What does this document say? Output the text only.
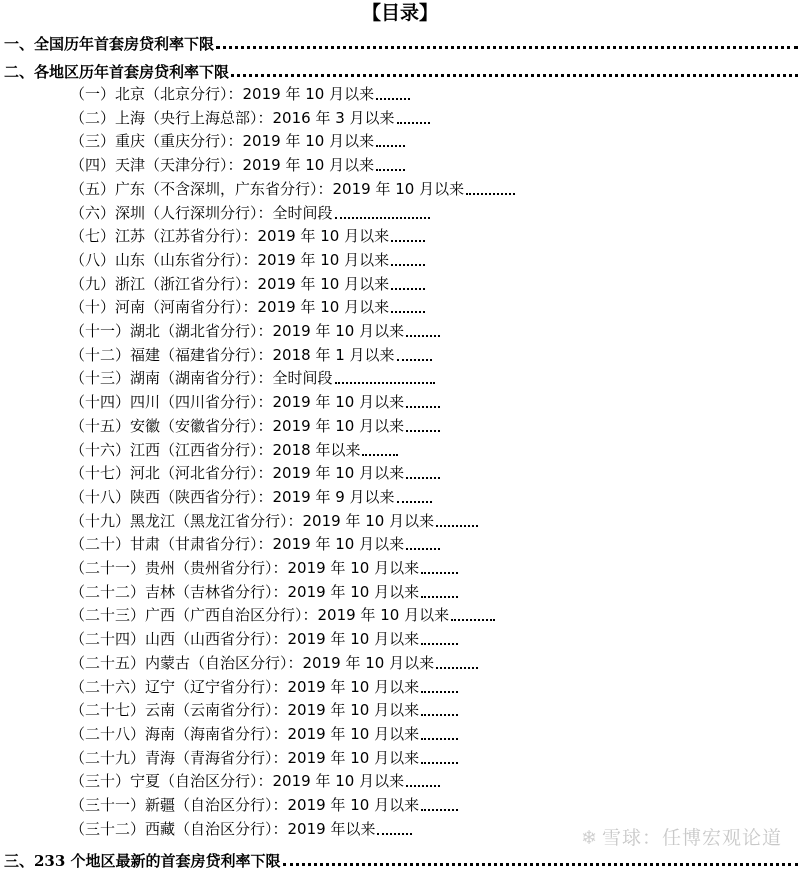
【目录】
一、全国历年首套房贷利率下限
二、各地区历年首套房贷利率下限
（一）北京（北京分行）：2019 年 10 月以来
（二）上海（央行上海总部）：2016 年 3 月以来
（三）重庆（重庆分行）：2019 年 10 月以来
（四）天津（天津分行）：2019 年 10 月以来
（五）广东（不含深圳，广东省分行）：2019 年 10 月以来
（六）深圳（人行深圳分行）：全时间段
（七）江苏（江苏省分行）：2019 年 10 月以来
（八）山东（山东省分行）：2019 年 10 月以来
（九）浙江（浙江省分行）：2019 年 10 月以来
（十）河南（河南省分行）：2019 年 10 月以来
（十一）湖北（湖北省分行）：2019 年 10 月以来
（十二）福建（福建省分行）：2018 年 1 月以来
（十三）湖南（湖南省分行）：全时间段
（十四）四川（四川省分行）：2019 年 10 月以来
（十五）安徽（安徽省分行）：2019 年 10 月以来
（十六）江西（江西省分行）：2018 年以来
（十七）河北（河北省分行）：2019 年 10 月以来
（十八）陕西（陕西省分行）：2019 年 9 月以来
（十九）黑龙江（黑龙江省分行）：2019 年 10 月以来
（二十）甘肃（甘肃省分行）：2019 年 10 月以来
（二十一）贵州（贵州省分行）：2019 年 10 月以来
（二十二）吉林（吉林省分行）：2019 年 10 月以来
（二十三）广西（广西自治区分行）：2019 年 10 月以来
（二十四）山西（山西省分行）：2019 年 10 月以来
（二十五）内蒙古（自治区分行）：2019 年 10 月以来
（二十六）辽宁（辽宁省分行）：2019 年 10 月以来
（二十七）云南（云南省分行）：2019 年 10 月以来
（二十八）海南（海南省分行）：2019 年 10 月以来
（二十九）青海（青海省分行）：2019 年 10 月以来
（三十）宁夏（自治区分行）：2019 年 10 月以来
（三十一）新疆（自治区分行）：2019 年 10 月以来
（三十二）西藏（自治区分行）：2019 年以来
三、233 个地区最新的首套房贷利率下限
❄ 雪球：任博宏观论道
